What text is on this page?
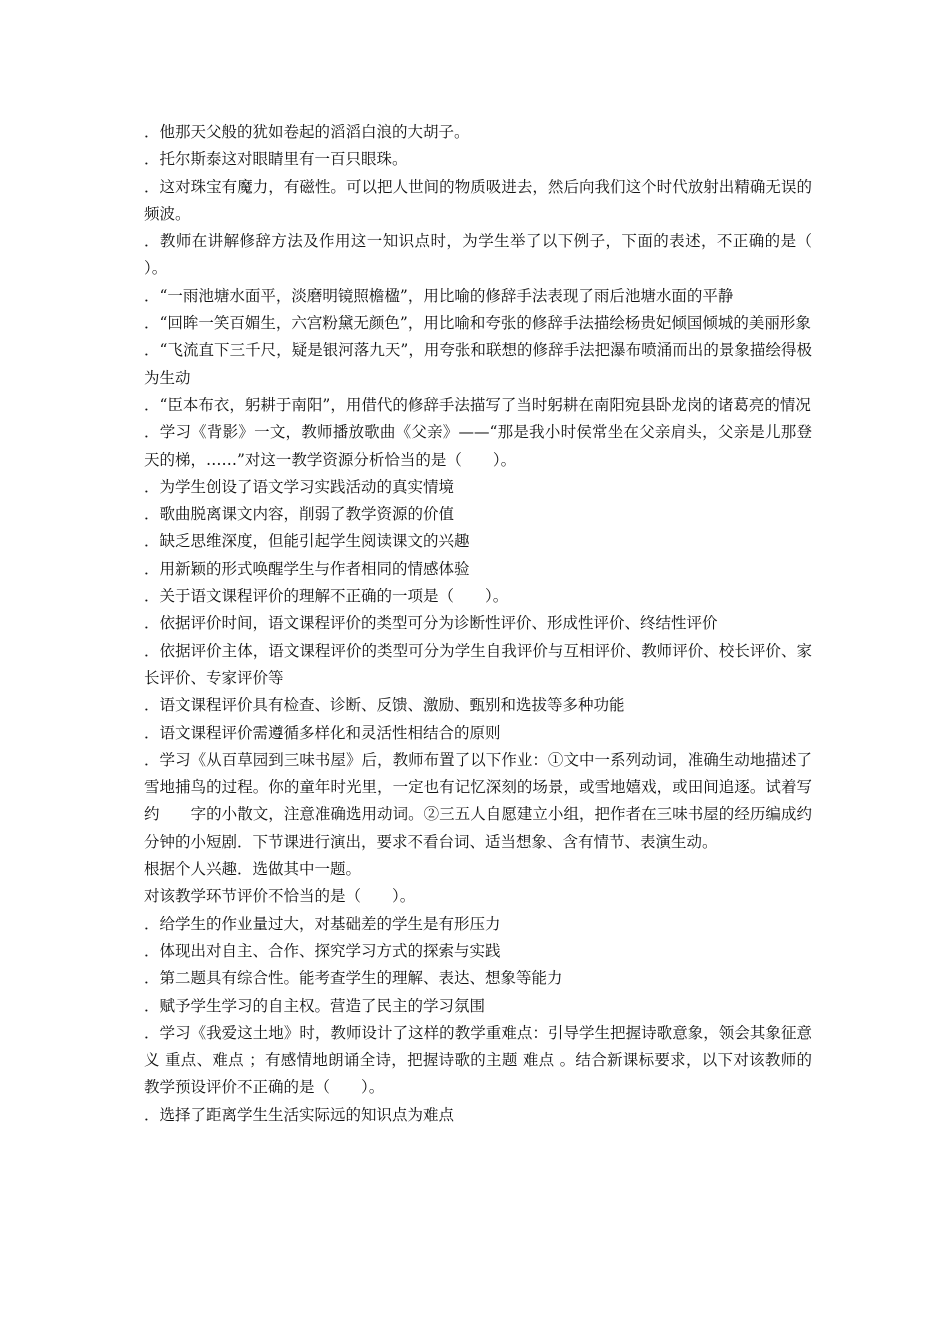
．他那天父般的犹如卷起的滔滔白浪的大胡子。

．托尔斯泰这对眼睛里有一百只眼珠。

．这对珠宝有魔力，有磁性。可以把人世间的物质吸进去，然后向我们这个时代放射出精确无误的频波。

．教师在讲解修辞方法及作用这一知识点时，为学生举了以下例子，下面的表述，不正确的是（　　）。

．“一雨池塘水面平，淡磨明镜照檐楹”，用比喻的修辞手法表现了雨后池塘水面的平静

．“回眸一笑百媚生，六宫粉黛无颜色”，用比喻和夸张的修辞手法描绘杨贵妃倾国倾城的美丽形象

．“飞流直下三千尺，疑是银河落九天”，用夸张和联想的修辞手法把瀑布喷涌而出的景象描绘得极为生动

．“臣本布衣，躬耕于南阳”，用借代的修辞手法描写了当时躬耕在南阳宛县卧龙岗的诸葛亮的情况

．学习《背影》一文，教师播放歌曲《父亲》——“那是我小时侯常坐在父亲肩头，父亲是儿那登天的梯，……”对这一教学资源分析恰当的是（　　）。

．为学生创设了语文学习实践活动的真实情境

．歌曲脱离课文内容，削弱了教学资源的价值

．缺乏思维深度，但能引起学生阅读课文的兴趣

．用新颖的形式唤醒学生与作者相同的情感体验

．关于语文课程评价的理解不正确的一项是（　　）。

．依据评价时间，语文课程评价的类型可分为诊断性评价、形成性评价、终结性评价

．依据评价主体，语文课程评价的类型可分为学生自我评价与互相评价、教师评价、校长评价、家长评价、专家评价等

．语文课程评价具有检查、诊断、反馈、激励、甄别和选拔等多种功能

．语文课程评价需遵循多样化和灵活性相结合的原则

．学习《从百草园到三味书屋》后，教师布置了以下作业：①文中一系列动词，准确生动地描述了雪地捕鸟的过程。你的童年时光里，一定也有记忆深刻的场景，或雪地嬉戏，或田间追逐。试着写约　　字的小散文，注意准确选用动词。②三五人自愿建立小组，把作者在三味书屋的经历编成约　 分钟的小短剧．下节课进行演出，要求不看台词、适当想象、含有情节、表演生动。

根据个人兴趣．选做其中一题。

对该教学环节评价不恰当的是（　　）。

．给学生的作业量过大，对基础差的学生是有形压力

．体现出对自主、合作、探究学习方式的探索与实践

．第二题具有综合性。能考查学生的理解、表达、想象等能力

．赋予学生学习的自主权。营造了民主的学习氛围

．学习《我爱这土地》时，教师设计了这样的教学重难点：引导学生把握诗歌意象，领会其象征意义 重点、难点 ；有感情地朗诵全诗，把握诗歌的主题 难点 。结合新课标要求，以下对该教师的教学预设评价不正确的是（　　）。

．选择了距离学生生活实际远的知识点为难点
